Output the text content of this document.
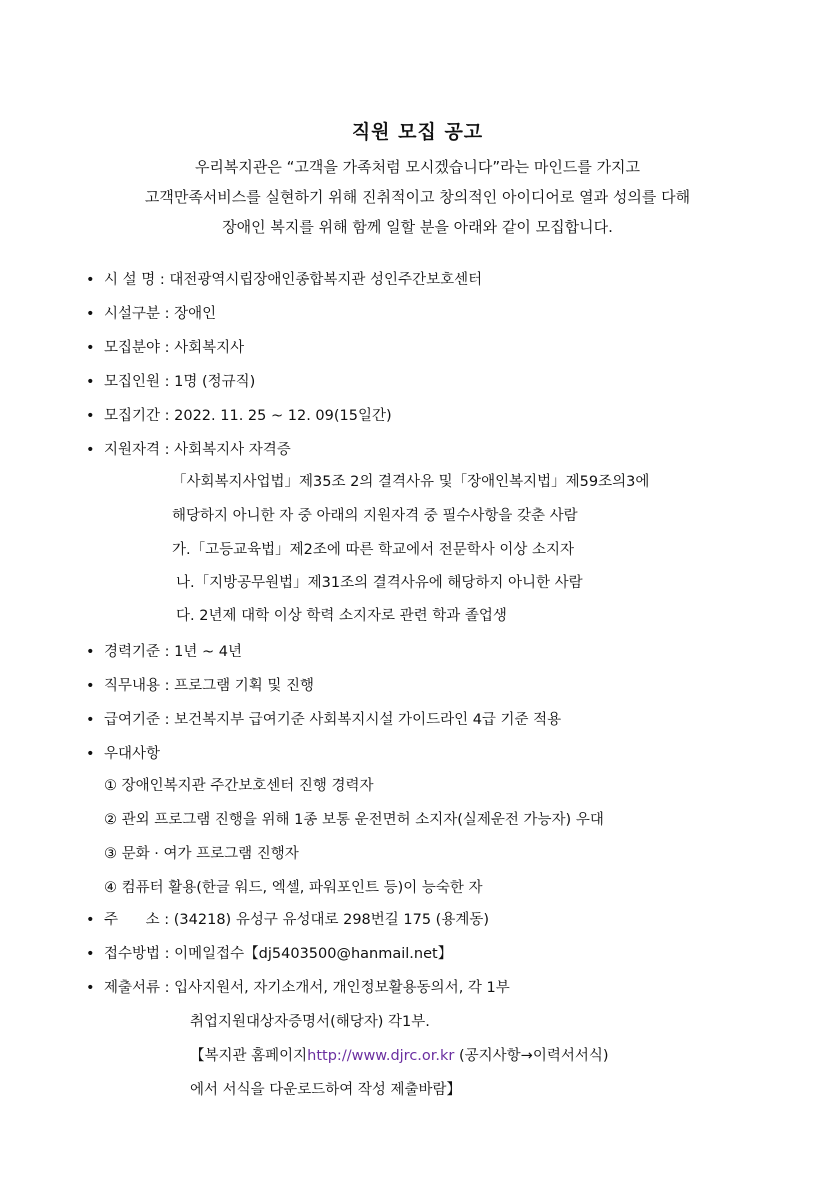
직원 모집 공고
우리복지관은 “고객을 가족처럼 모시겠습니다”라는 마인드를 가지고
고객만족서비스를 실현하기 위해 진취적이고 창의적인 아이디어로 열과 성의를 다해
장애인 복지를 위해 함께 일할 분을 아래와 같이 모집합니다.
• 시 설 명 : 대전광역시립장애인종합복지관 성인주간보호센터
• 시설구분 : 장애인
• 모집분야 : 사회복지사
• 모집인원 : 1명 (정규직)
• 모집기간 : 2022. 11. 25 ~ 12. 09(15일간)
• 지원자격 : 사회복지사 자격증
「사회복지사업법」제35조 2의 결격사유 및「장애인복지법」제59조의3에
해당하지 아니한 자 중 아래의 지원자격 중 필수사항을 갖춘 사람
가.「고등교육법」제2조에 따른 학교에서 전문학사 이상 소지자
나.「지방공무원법」제31조의 결격사유에 해당하지 아니한 사람
다. 2년제 대학 이상 학력 소지자로 관련 학과 졸업생
• 경력기준 : 1년 ~ 4년
• 직무내용 : 프로그램 기획 및 진행
• 급여기준 : 보건복지부 급여기준 사회복지시설 가이드라인 4급 기준 적용
• 우대사항
① 장애인복지관 주간보호센터 진행 경력자
② 관외 프로그램 진행을 위해 1종 보통 운전면허 소지자(실제운전 가능자) 우대
③ 문화 · 여가 프로그램 진행자
④ 컴퓨터 활용(한글 워드, 엑셀, 파워포인트 등)이 능숙한 자
• 주      소 : (34218) 유성구 유성대로 298번길 175 (용계동)
• 접수방법 : 이메일접수【dj5403500@hanmail.net】
• 제출서류 : 입사지원서, 자기소개서, 개인정보활용동의서, 각 1부
취업지원대상자증명서(해당자) 각1부.
【복지관 홈페이지http://www.djrc.or.kr (공지사항→이력서서식)
에서 서식을 다운로드하여 작성 제출바람】
